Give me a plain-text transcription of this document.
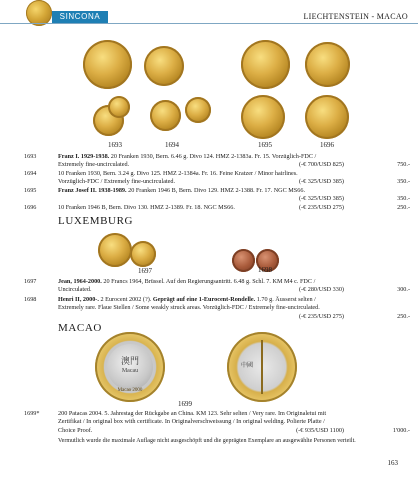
SINCONA	LIECHTENSTEIN - MACAO
1693	1694	1695	1696
1693	Franz I. 1929-1938. 20 Franken 1930, Bern. 6.46 g. Divo 124. HMZ 2-1383a. Fr. 15. Vorzüglich-FDC /
Extremely fine-uncirculated.	(-€ 700/USD 825)	750.-
1694	10 Franken 1930, Bern. 3.24 g. Divo 125. HMZ 2-1384a. Fr. 16. Feine Kratzer / Minor hairlines.
Vorzüglich-FDC / Extremely fine-uncirculated.	(-€ 325/USD 385)	350.-
1695	Franz Josef II. 1938-1989. 20 Franken 1946 B, Bern. Divo 129. HMZ 2-1388. Fr. 17. NGC MS66.

(-€ 325/USD 385)	350.-
1696	10 Franken 1946 B, Bern. Divo 130. HMZ 2-1389. Fr. 18. NGC MS66.	(-€ 235/USD 275)	250.-
LUXEMBURG
1697	1698
1697	Jean, 1964-2000. 20 Francs 1964, Brüssel. Auf den Regierungsantritt. 6.48 g. Schl. 7. KM M4 c. FDC /
Uncirculated.	(-€ 280/USD 330)	300.-
1698	Henri II, 2000-. 2 Eurocent 2002 (?). Geprägt auf eine 1-Eurocent-Rondelle. 1.70 g. Äusserst selten /
Extremely rare. Flaue Stellen / Some weakly struck areas. Vorzüglich-FDC / Extremely fine-uncirculated.

(-€ 235/USD 275)	250.-
MACAO
澳門
Macau
Macao 2000
中國
1699
1699*	200 Patacas 2004. 5. Jahrestag der Rückgabe an China. KM 123. Sehr selten / Very rare. Im Originaletui mit
Zertifikat / In original box with certificate. In Originalverschweissung / In original welding. Polierte Platte /
Choice Proof.	(-€ 935/USD 1100)	1'000.-
Vermutlich wurde die maximale Auflage nicht ausgeschöpft und die geprägten Exemplare an ausgewählte Personen verteilt.
163
